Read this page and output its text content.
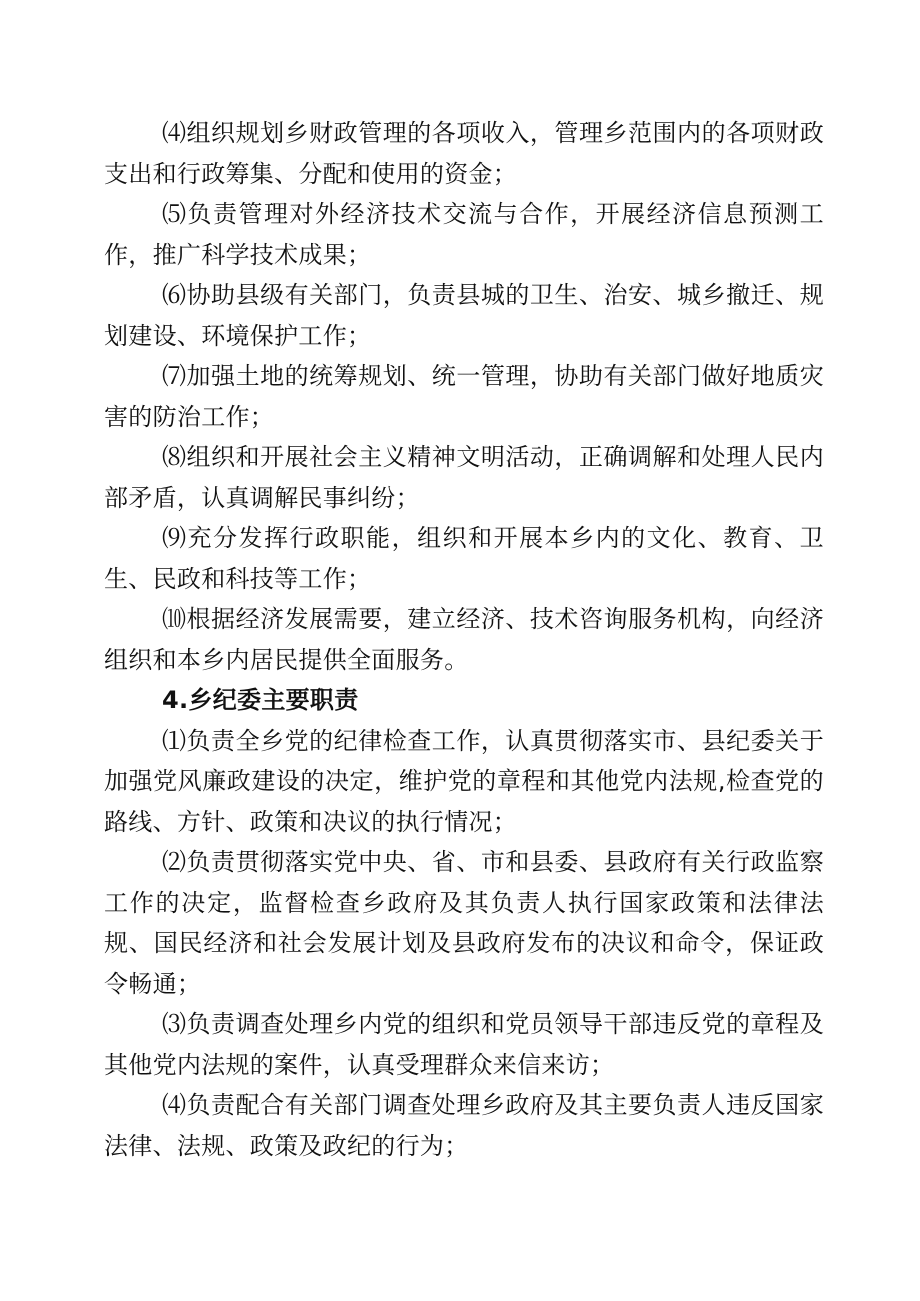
⑷组织规划乡财政管理的各项收入，管理乡范围内的各项财政支出和行政筹集、分配和使用的资金；

⑸负责管理对外经济技术交流与合作，开展经济信息预测工作，推广科学技术成果；

⑹协助县级有关部门，负责县城的卫生、治安、城乡撤迁、规划建设、环境保护工作；

⑺加强土地的统筹规划、统一管理，协助有关部门做好地质灾害的防治工作；

⑻组织和开展社会主义精神文明活动，正确调解和处理人民内部矛盾，认真调解民事纠纷；

⑼充分发挥行政职能，组织和开展本乡内的文化、教育、卫生、民政和科技等工作；

⑽根据经济发展需要，建立经济、技术咨询服务机构，向经济组织和本乡内居民提供全面服务。

4.乡纪委主要职责

⑴负责全乡党的纪律检查工作，认真贯彻落实市、县纪委关于加强党风廉政建设的决定，维护党的章程和其他党内法规,检查党的路线、方针、政策和决议的执行情况；

⑵负责贯彻落实党中央、省、市和县委、县政府有关行政监察工作的决定，监督检查乡政府及其负责人执行国家政策和法律法规、国民经济和社会发展计划及县政府发布的决议和命令，保证政令畅通；

⑶负责调查处理乡内党的组织和党员领导干部违反党的章程及其他党内法规的案件，认真受理群众来信来访；

⑷负责配合有关部门调查处理乡政府及其主要负责人违反国家法律、法规、政策及政纪的行为；
